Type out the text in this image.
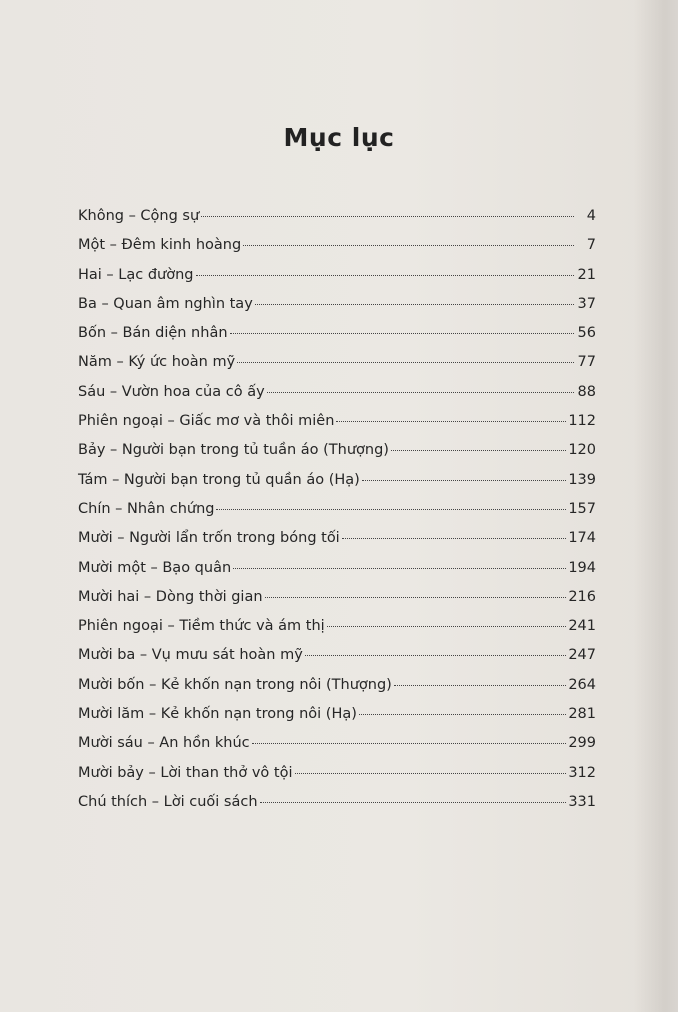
Mục lục
Không – Cộng sự	4
Một – Đêm kinh hoàng	7
Hai – Lạc đường	21
Ba – Quan âm nghìn tay	37
Bốn – Bán diện nhân	56
Năm – Ký ức hoàn mỹ	77
Sáu – Vườn hoa của cô ấy	88
Phiên ngoại – Giấc mơ và thôi miên	112
Bảy – Người bạn trong tủ tuần áo (Thượng)	120
Tám – Người bạn trong tủ quần áo (Hạ)	139
Chín – Nhân chứng	157
Mười – Người lẩn trốn trong bóng tối	174
Mười một – Bạo quân	194
Mười hai – Dòng thời gian	216
Phiên ngoại – Tiềm thức và ám thị	241
Mười ba – Vụ mưu sát hoàn mỹ	247
Mười bốn – Kẻ khốn nạn trong nôi (Thượng)	264
Mười lăm – Kẻ khốn nạn trong nôi (Hạ)	281
Mười sáu – An hồn khúc	299
Mười bảy – Lời than thở vô tội	312
Chú thích – Lời cuối sách	331
